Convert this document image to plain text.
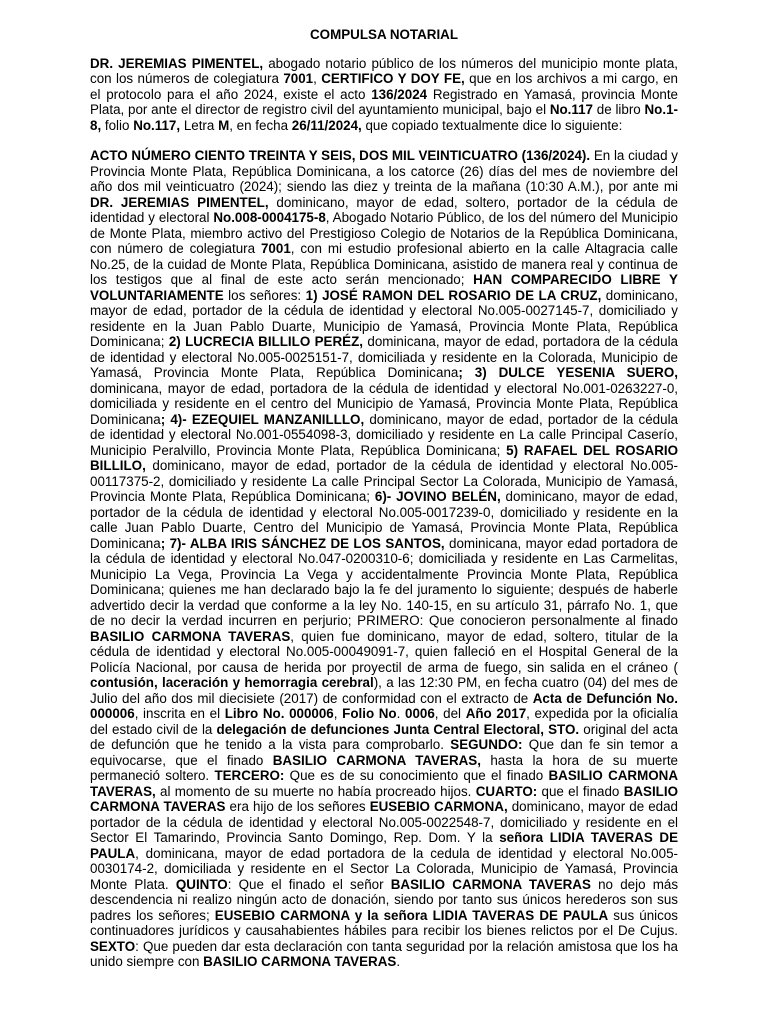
COMPULSA NOTARIAL

DR. JEREMIAS PIMENTEL, abogado notario público de los números del municipio monte plata, con los números de colegiatura 7001, CERTIFICO Y DOY FE, que en los archivos a mi cargo, en el protocolo para el año 2024, existe el acto 136/2024 Registrado en Yamasá, provincia Monte Plata, por ante el director de registro civil del ayuntamiento municipal, bajo el No.117 de libro No.1-8, folio No.117, Letra M, en fecha 26/11/2024, que copiado textualmente dice lo siguiente:

ACTO NÚMERO CIENTO TREINTA Y SEIS, DOS MIL VEINTICUATRO (136/2024). En la ciudad y Provincia Monte Plata, República Dominicana, a los catorce (26) días del mes de noviembre del año dos mil veinticuatro (2024); siendo las diez y treinta de la mañana (10:30 A.M.), por ante mi DR. JEREMIAS PIMENTEL, dominicano, mayor de edad, soltero, portador de la cédula de identidad y electoral No.008-0004175-8, Abogado Notario Público, de los del número del Municipio de Monte Plata, miembro activo del Prestigioso Colegio de Notarios de la República Dominicana, con número de colegiatura 7001, con mi estudio profesional abierto en la calle Altagracia calle No.25, de la cuidad de Monte Plata, República Dominicana, asistido de manera real y continua de los testigos que al final de este acto serán mencionado; HAN COMPARECIDO LIBRE Y VOLUNTARIAMENTE los señores: 1) JOSÉ RAMON DEL ROSARIO DE LA CRUZ, dominicano, mayor de edad, portador de la cédula de identidad y electoral No.005-0027145-7, domiciliado y residente en la Juan Pablo Duarte, Municipio de Yamasá, Provincia Monte Plata, República Dominicana; 2) LUCRECIA BILLILO PERÉZ, dominicana, mayor de edad, portadora de la cédula de identidad y electoral No.005-0025151-7, domiciliada y residente en la Colorada, Municipio de Yamasá, Provincia Monte Plata, República Dominicana; 3) DULCE YESENIA SUERO, dominicana, mayor de edad, portadora de la cédula de identidad y electoral No.001-0263227-0, domiciliada y residente en el centro del Municipio de Yamasá, Provincia Monte Plata, República Dominicana; 4)- EZEQUIEL MANZANILLLO, dominicano, mayor de edad, portador de la cédula de identidad y electoral No.001-0554098-3, domiciliado y residente en La calle Principal Caserío, Municipio Peralvillo, Provincia Monte Plata, República Dominicana; 5) RAFAEL DEL ROSARIO BILLILO, dominicano, mayor de edad, portador de la cédula de identidad y electoral No.005-00117375-2, domiciliado y residente La calle Principal Sector La Colorada, Municipio de Yamasá, Provincia Monte Plata, República Dominicana; 6)- JOVINO BELÉN, dominicano, mayor de edad, portador de la cédula de identidad y electoral No.005-0017239-0, domiciliado y residente en la calle Juan Pablo Duarte, Centro del Municipio de Yamasá, Provincia Monte Plata, República Dominicana; 7)- ALBA IRIS SÁNCHEZ DE LOS SANTOS, dominicana, mayor edad portadora de la cédula de identidad y electoral No.047-0200310-6; domiciliada y residente en Las Carmelitas, Municipio La Vega, Provincia La Vega y accidentalmente Provincia Monte Plata, República Dominicana; quienes me han declarado bajo la fe del juramento lo siguiente; después de haberle advertido decir la verdad que conforme a la ley No. 140-15, en su artículo 31, párrafo No. 1, que de no decir la verdad incurren en perjurio; PRIMERO: Que conocieron personalmente al finado BASILIO CARMONA TAVERAS, quien fue dominicano, mayor de edad, soltero, titular de la cédula de identidad y electoral No.005-00049091-7, quien falleció en el Hospital General de la Policía Nacional, por causa de herida por proyectil de arma de fuego, sin salida en el cráneo ( contusión, laceración y hemorragia cerebral), a las 12:30 PM, en fecha cuatro (04) del mes de Julio del año dos mil diecisiete (2017) de conformidad con el extracto de Acta de Defunción No. 000006, inscrita en el Libro No. 000006, Folio No. 0006, del Año 2017, expedida por la oficialía del estado civil de la delegación de defunciones Junta Central Electoral, STO. original del acta de defunción que he tenido a la vista para comprobarlo. SEGUNDO: Que dan fe sin temor a equivocarse, que el finado BASILIO CARMONA TAVERAS, hasta la hora de su muerte permaneció soltero. TERCERO: Que es de su conocimiento que el finado BASILIO CARMONA TAVERAS, al momento de su muerte no había procreado hijos. CUARTO: que el finado BASILIO CARMONA TAVERAS era hijo de los señores EUSEBIO CARMONA, dominicano, mayor de edad portador de la cédula de identidad y electoral No.005-0022548-7, domiciliado y residente en el Sector El Tamarindo, Provincia Santo Domingo, Rep. Dom. Y la señora LIDIA TAVERAS DE PAULA, dominicana, mayor de edad portadora de la cedula de identidad y electoral No.005-0030174-2, domiciliada y residente en el Sector La Colorada, Municipio de Yamasá, Provincia Monte Plata. QUINTO: Que el finado el señor BASILIO CARMONA TAVERAS no dejo más descendencia ni realizo ningún acto de donación, siendo por tanto sus únicos herederos son sus padres los señores; EUSEBIO CARMONA y la señora LIDIA TAVERAS DE PAULA sus únicos continuadores jurídicos y causahabientes hábiles para recibir los bienes relictos por el De Cujus. SEXTO: Que pueden dar esta declaración con tanta seguridad por la relación amistosa que los ha unido siempre con BASILIO CARMONA TAVERAS.
